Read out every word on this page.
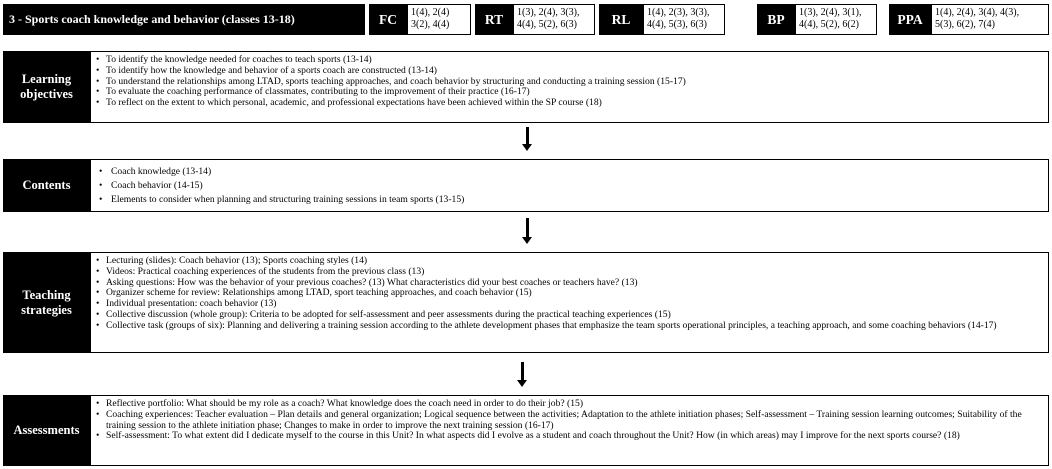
3 - Sports coach knowledge and behavior (classes 13-18)	FC	1(4), 2(4)
3(2), 4(4)	RT	1(3), 2(4), 3(3),
4(4), 5(2), 6(3)	RL	1(4), 2(3), 3(3),
4(4), 5(3), 6(3)	BP	1(3), 2(4), 3(1),
4(4), 5(2), 6(2)	PPA	1(4), 2(4), 3(4), 4(3),
5(3), 6(2), 7(4)
Learning
objectives
• To identify the knowledge needed for coaches to teach sports (13-14)
• To identify how the knowledge and behavior of a sports coach are constructed (13-14)
• To understand the relationships among LTAD, sports teaching approaches, and coach behavior by structuring and conducting a training session (15-17)
• To evaluate the coaching performance of classmates, contributing to the improvement of their practice (16-17)
• To reflect on the extent to which personal, academic, and professional expectations have been achieved within the SP course (18)
Contents
• Coach knowledge (13-14)
• Coach behavior (14-15)
• Elements to consider when planning and structuring training sessions in team sports (13-15)
Teaching
strategies
• Lecturing (slides): Coach behavior (13); Sports coaching styles (14)
• Videos: Practical coaching experiences of the students from the previous class (13)
• Asking questions: How was the behavior of your previous coaches? (13) What characteristics did your best coaches or teachers have? (13)
• Organizer scheme for review: Relationships among LTAD, sport teaching approaches, and coach behavior (15)
• Individual presentation: coach behavior (13)
• Collective discussion (whole group): Criteria to be adopted for self-assessment and peer assessments during the practical teaching experiences (15)
• Collective task (groups of six): Planning and delivering a training session according to the athlete development phases that emphasize the team sports operational principles, a teaching approach, and some coaching behaviors (14-17)
Assessments
• Reflective portfolio: What should be my role as a coach? What knowledge does the coach need in order to do their job? (15)
• Coaching experiences: Teacher evaluation – Plan details and general organization; Logical sequence between the activities; Adaptation to the athlete initiation phases; Self-assessment – Training session learning outcomes; Suitability of the training session to the athlete initiation phase; Changes to make in order to improve the next training session (16-17)
• Self-assessment: To what extent did I dedicate myself to the course in this Unit? In what aspects did I evolve as a student and coach throughout the Unit? How (in which areas) may I improve for the next sports course? (18)
